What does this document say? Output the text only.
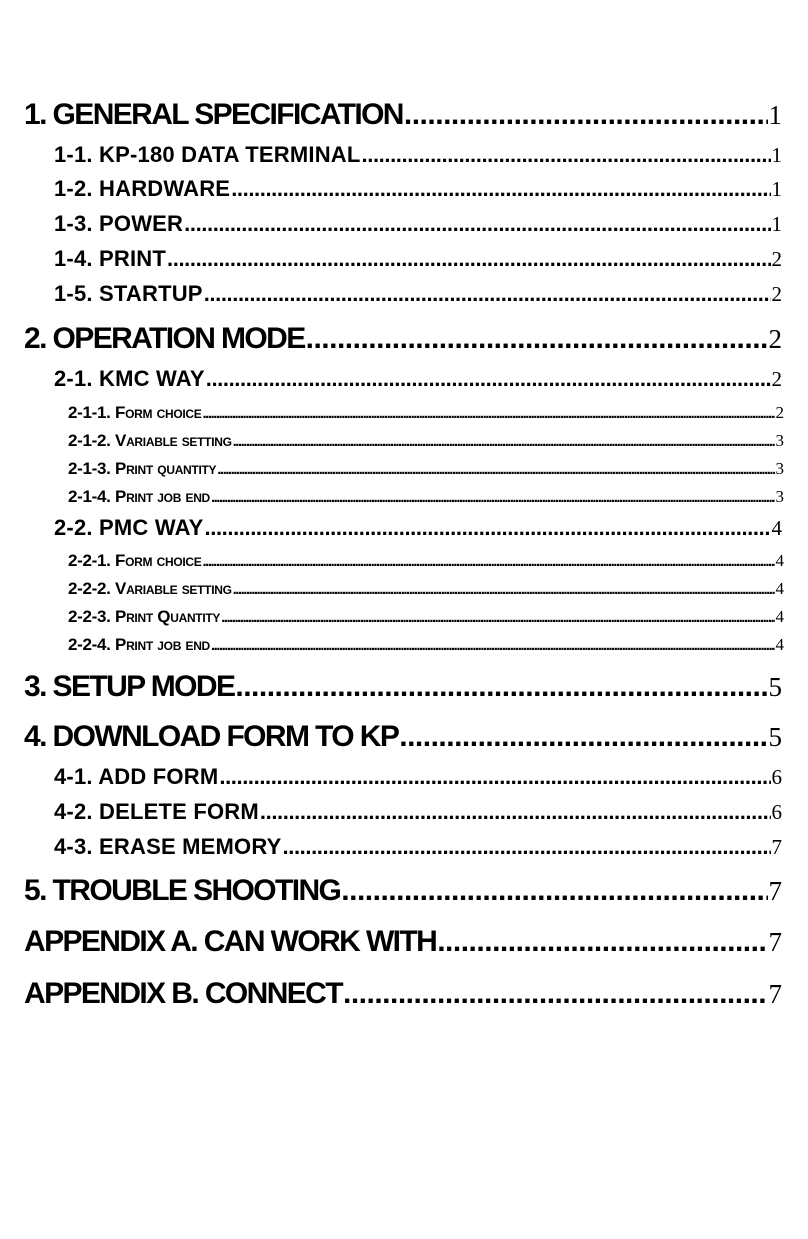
1. GENERAL SPECIFICATION .....	1
1-1. KP-180 DATA TERMINAL .....	1
1-2. HARDWARE .....	1
1-3. POWER .....	1
1-4. PRINT .....	2
1-5. STARTUP .....	2
2. OPERATION MODE .....	2
2-1. KMC WAY .....	2
2-1-1. Form choice .....	2
2-1-2. Variable setting .....	3
2-1-3. Print quantity .....	3
2-1-4. Print job end .....	3
2-2. PMC WAY .....	4
2-2-1. Form choice .....	4
2-2-2. Variable setting .....	4
2-2-3. Print Quantity .....	4
2-2-4. Print job end .....	4
3. SETUP MODE .....	5
4. DOWNLOAD FORM TO KP .....	5
4-1. ADD FORM .....	6
4-2. DELETE FORM .....	6
4-3. ERASE MEMORY .....	7
5. TROUBLE SHOOTING .....	7
APPENDIX A. CAN WORK WITH .....	7
APPENDIX B. CONNECT .....	7
